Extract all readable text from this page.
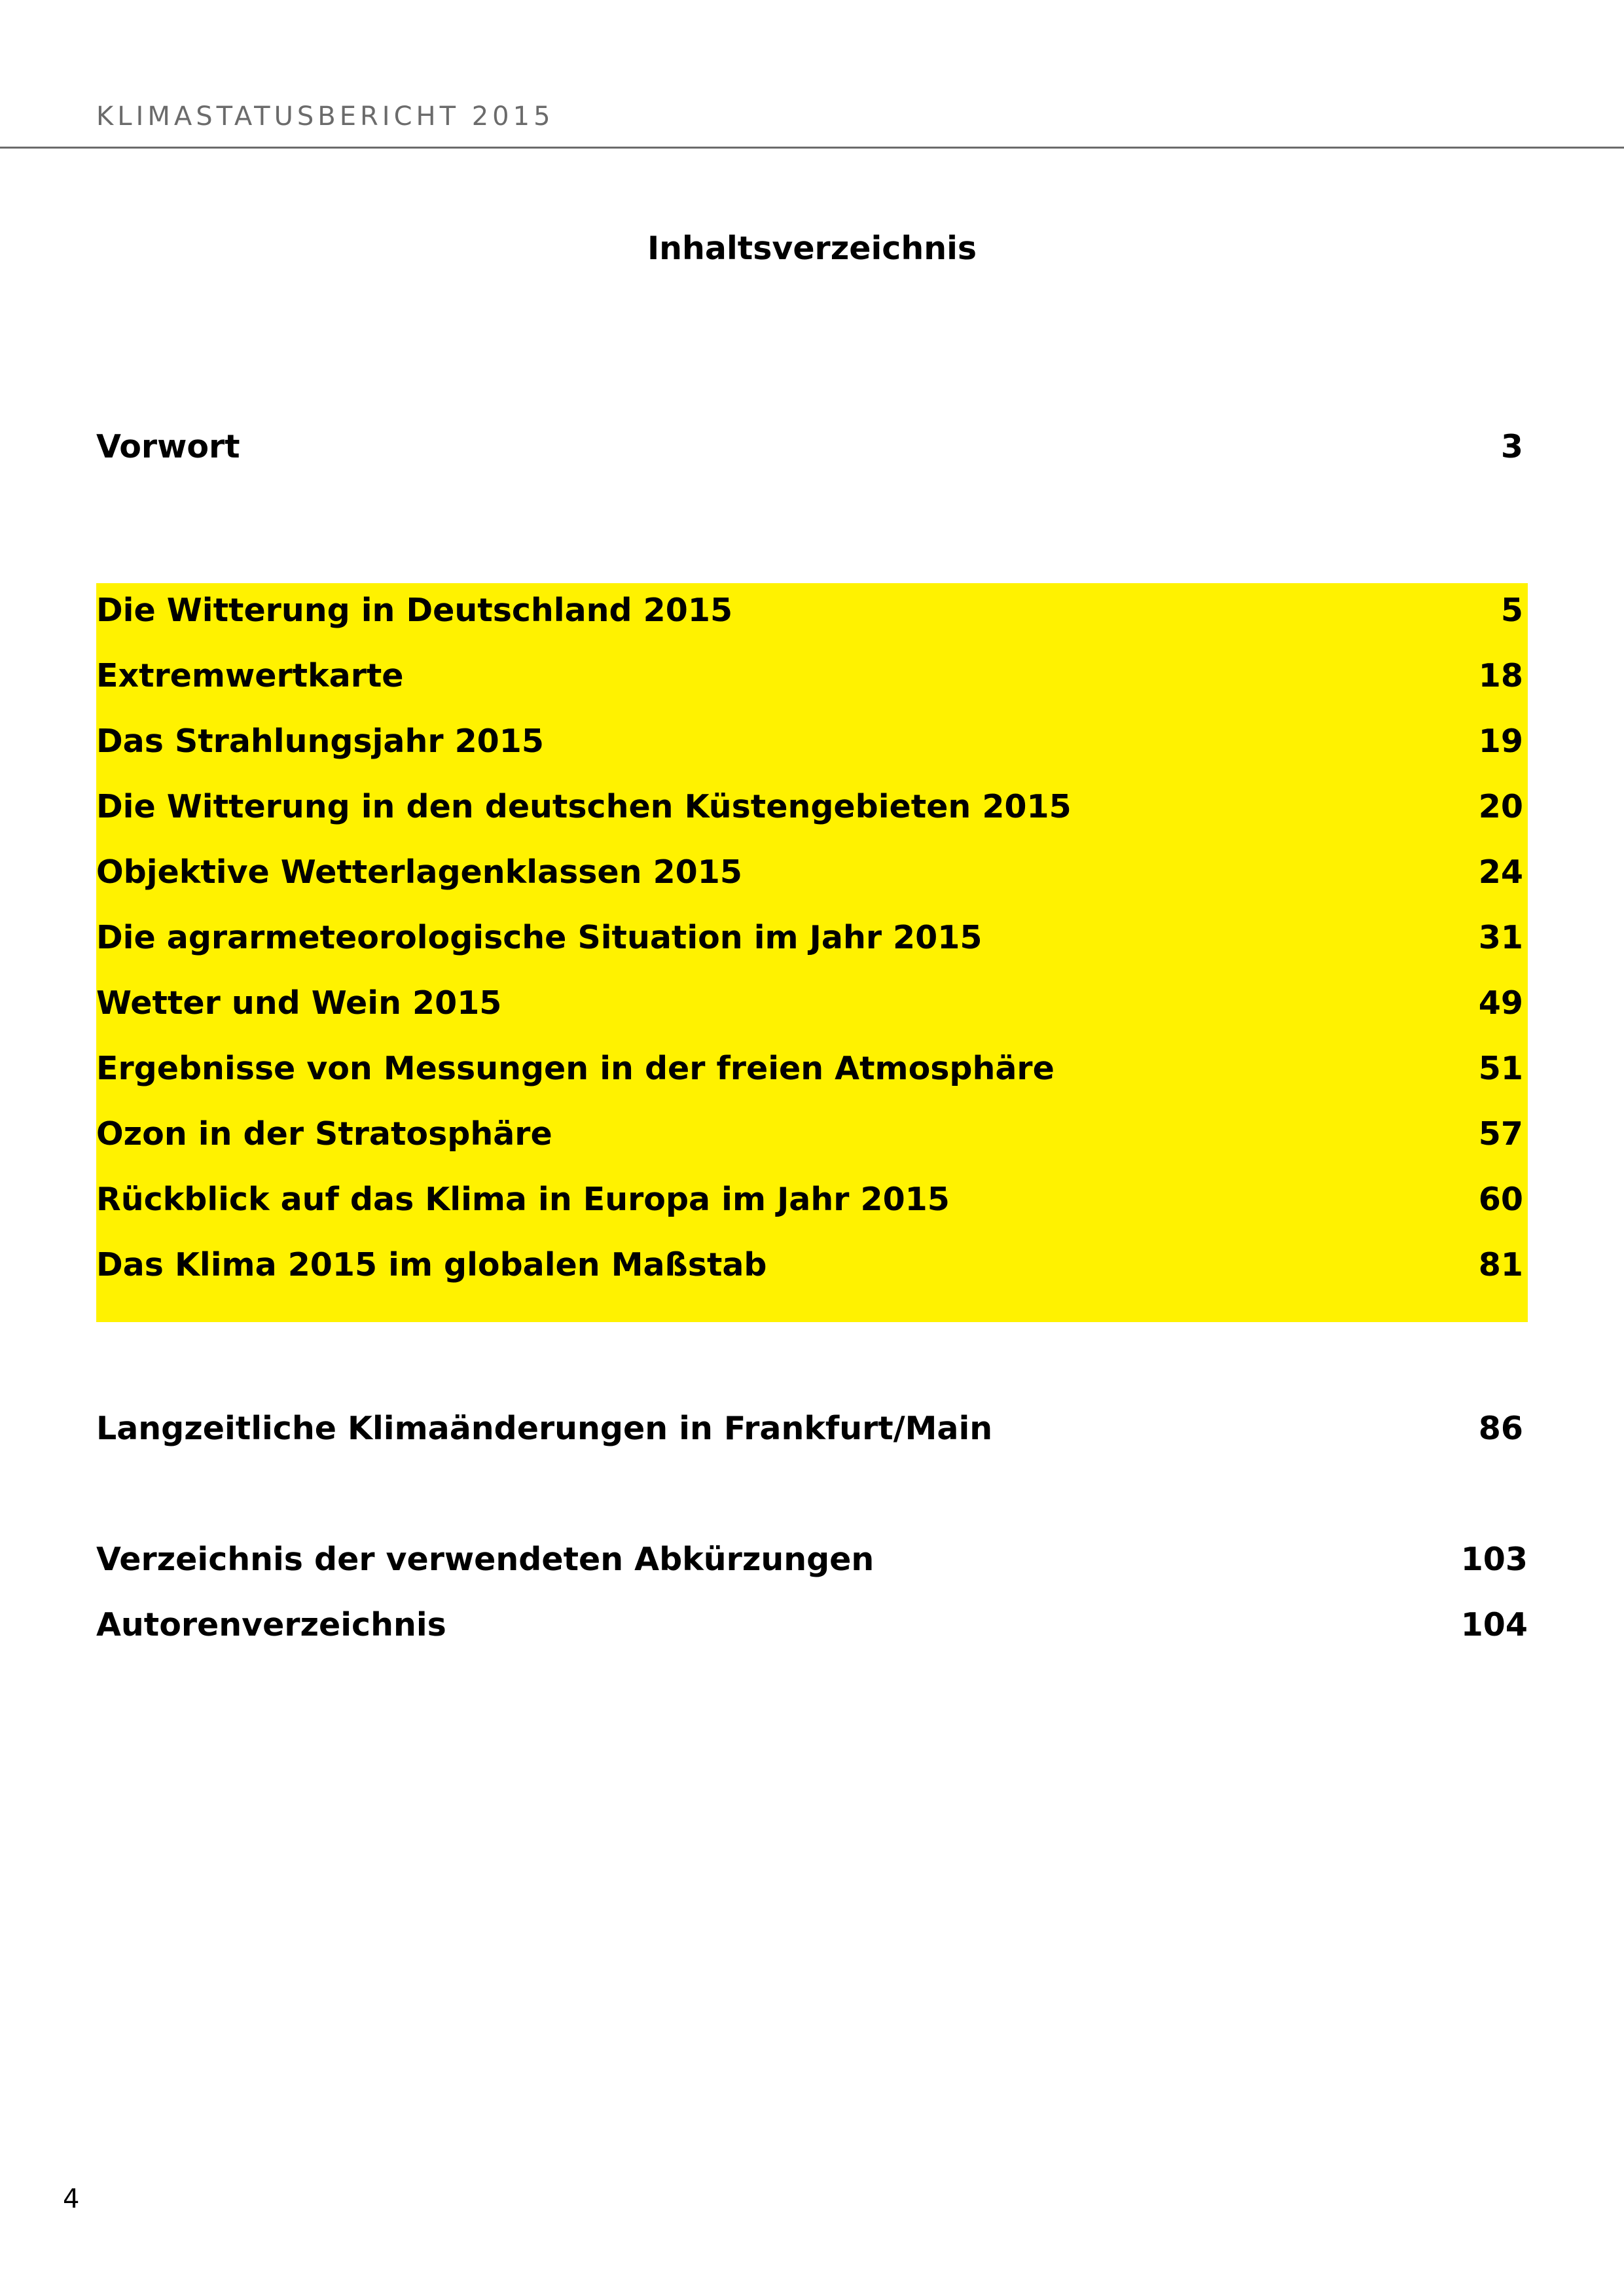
KLIMASTATUSBERICHT 2015
Inhaltsverzeichnis
Vorwort	3
Die Witterung in Deutschland 2015	5
Extremwertkarte	18
Das Strahlungsjahr 2015	19
Die Witterung in den deutschen Küstengebieten 2015	20
Objektive Wetterlagenklassen 2015	24
Die agrarmeteorologische Situation im Jahr 2015	31
Wetter und Wein 2015	49
Ergebnisse von Messungen in der freien Atmosphäre	51
Ozon in der Stratosphäre	57
Rückblick auf das Klima in Europa im Jahr 2015	60
Das Klima 2015 im globalen Maßstab	81
Langzeitliche Klimaänderungen in Frankfurt/Main	86
Verzeichnis der verwendeten Abkürzungen	103
Autorenverzeichnis	104
4
